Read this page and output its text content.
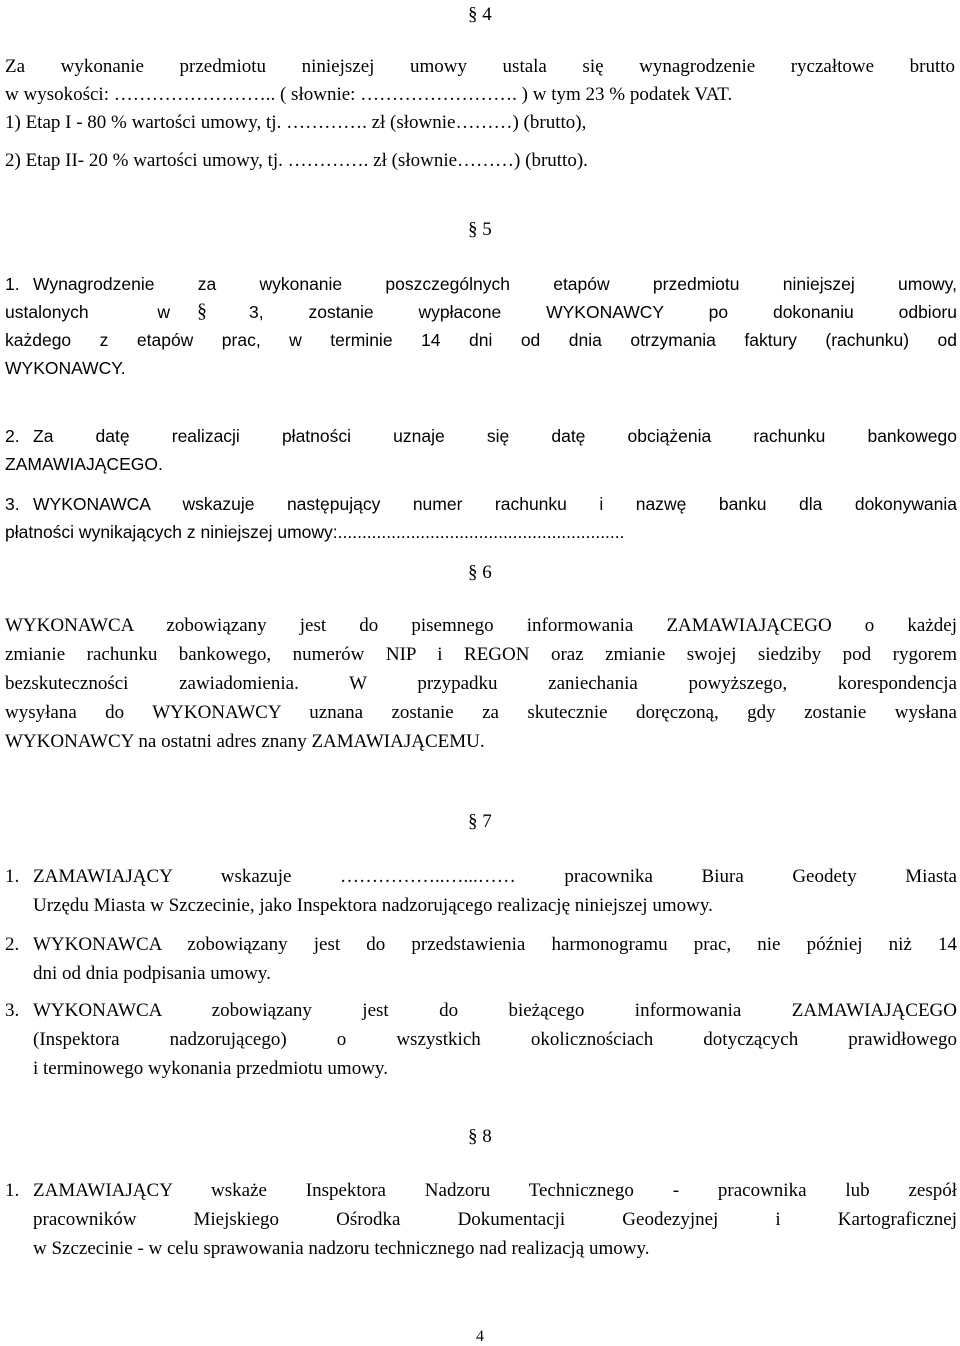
§ 4
Za wykonanie przedmiotu niniejszej umowy ustala się wynagrodzenie ryczałtowe brutto
w wysokości: …………………….. ( słownie: ……………………. ) w tym 23 % podatek VAT.
1) Etap I - 80 % wartości umowy, tj. …………. zł (słownie………) (brutto),
2) Etap II- 20 % wartości umowy, tj. …………. zł (słownie………) (brutto).
§ 5
1. Wynagrodzenie za wykonanie poszczególnych etapów przedmiotu niniejszej umowy,
ustalonych w § 3, zostanie wypłacone WYKONAWCY po dokonaniu odbioru
każdego z etapów prac, w terminie 14 dni od dnia otrzymania faktury (rachunku) od
WYKONAWCY.
2. Za datę realizacji płatności uznaje się datę obciążenia rachunku bankowego
ZAMAWIAJĄCEGO.
3. WYKONAWCA wskazuje następujący numer rachunku i nazwę banku dla dokonywania
płatności wynikających z niniejszej umowy:...........................................................
§ 6
WYKONAWCA zobowiązany jest do pisemnego informowania ZAMAWIAJĄCEGO o każdej
zmianie rachunku bankowego, numerów NIP i REGON oraz zmianie swojej siedziby pod rygorem
bezskuteczności zawiadomienia. W przypadku zaniechania powyższego, korespondencja
wysyłana do WYKONAWCY uznana zostanie za skutecznie doręczoną, gdy zostanie wysłana
WYKONAWCY na ostatni adres znany ZAMAWIAJĄCEMU.
§ 7
1. ZAMAWIAJĄCY wskazuje ……………..…...…… pracownika Biura Geodety Miasta
Urzędu Miasta w Szczecinie, jako Inspektora nadzorującego realizację niniejszej umowy.
2. WYKONAWCA zobowiązany jest do przedstawienia harmonogramu prac, nie później niż 14
dni od dnia podpisania umowy.
3. WYKONAWCA zobowiązany jest do bieżącego informowania ZAMAWIAJĄCEGO
(Inspektora nadzorującego) o wszystkich okolicznościach dotyczących prawidłowego
i terminowego wykonania przedmiotu umowy.
§ 8
1. ZAMAWIAJĄCY wskaże Inspektora Nadzoru Technicznego - pracownika lub zespół
pracowników Miejskiego Ośrodka Dokumentacji Geodezyjnej i Kartograficznej
w Szczecinie - w celu sprawowania nadzoru technicznego nad realizacją umowy.
4
